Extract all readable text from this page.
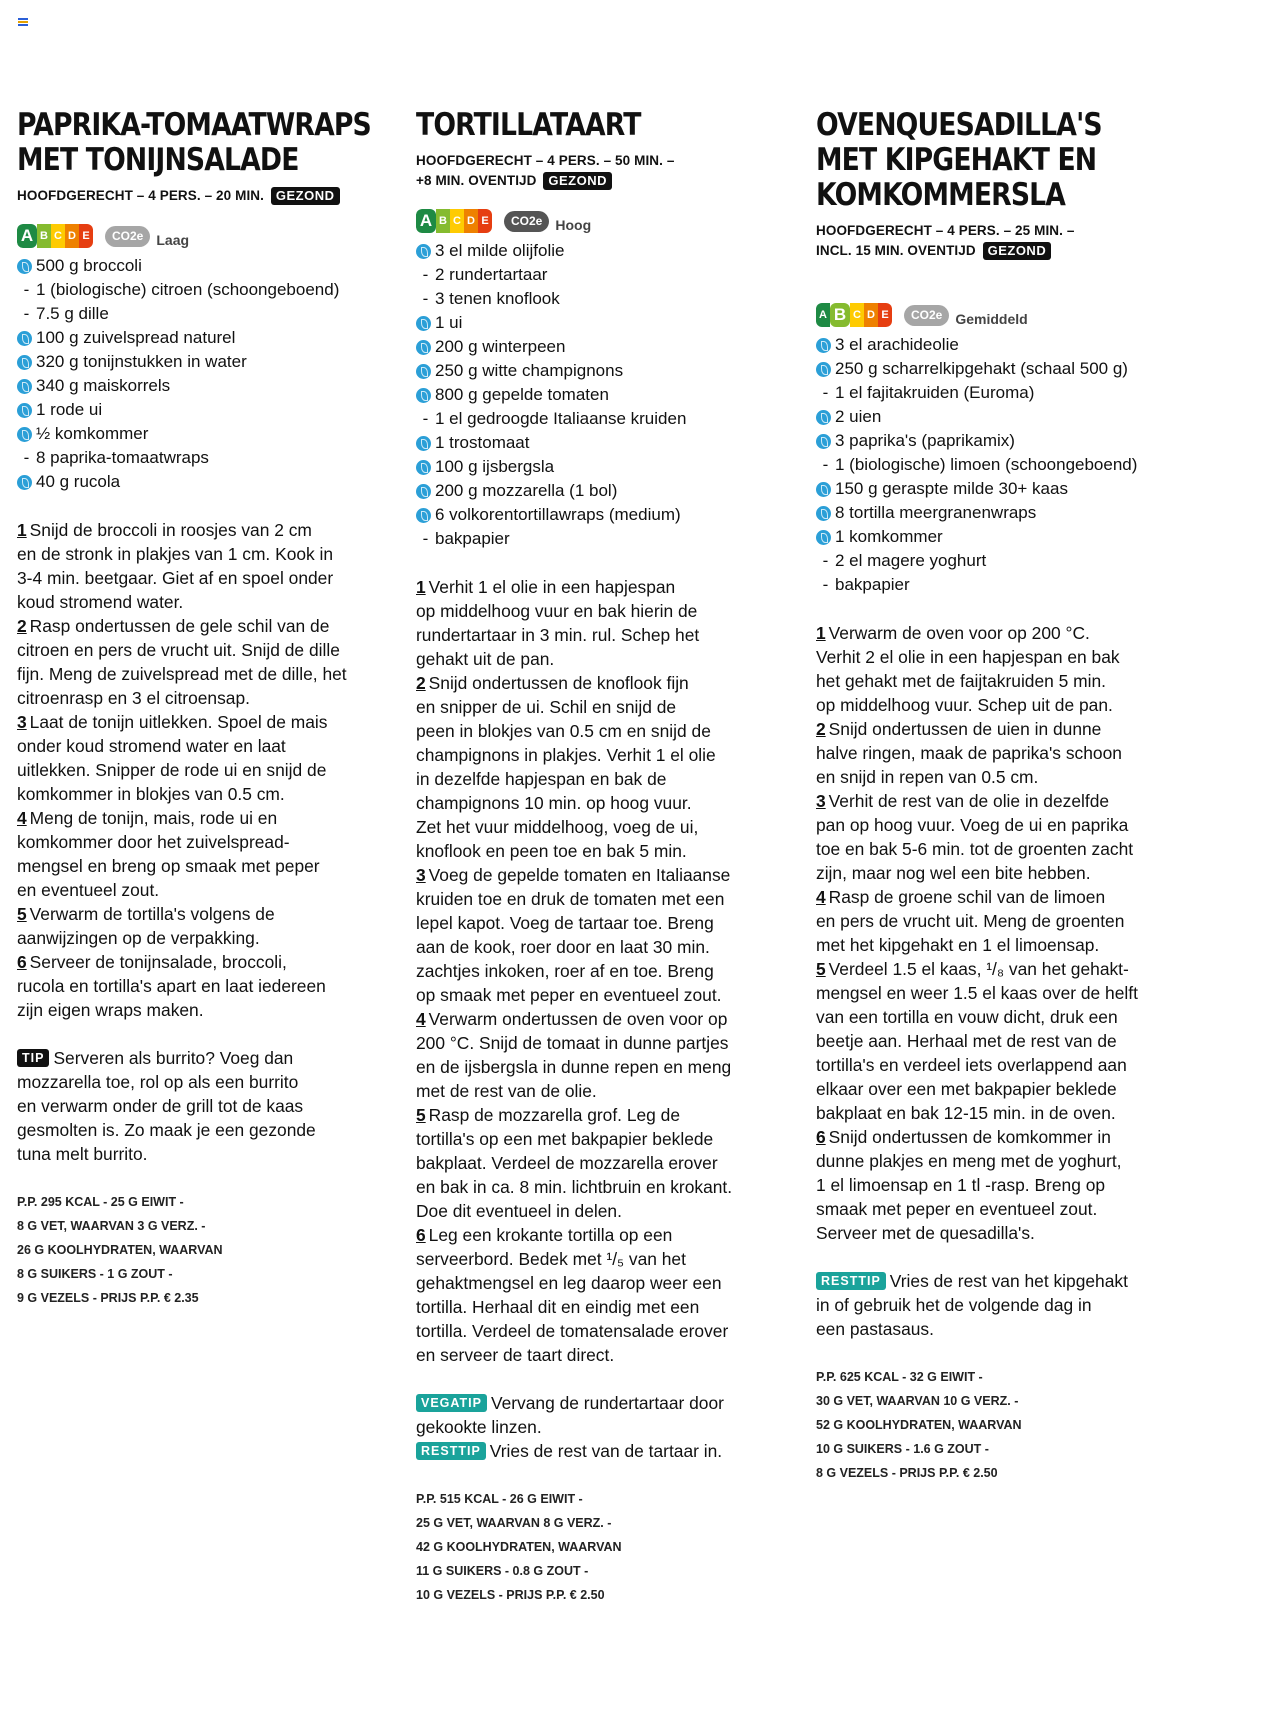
PAPRIKA-TOMAATWRAPS
MET TONIJNSALADE
HOOFDGERECHT – 4 PERS. – 20 MIN. GEZOND
A B C D E	CO2e Laag
500 g broccoli
- 1 (biologische) citroen (schoongeboend)
- 7.5 g dille
100 g zuivelspread naturel
320 g tonijnstukken in water
340 g maiskorrels
1 rode ui
½ komkommer
- 8 paprika-tomaatwraps
40 g rucola

1 Snijd de broccoli in roosjes van 2 cm

en de stronk in plakjes van 1 cm. Kook in

3-4 min. beetgaar. Giet af en spoel onder

koud stromend water.

2 Rasp ondertussen de gele schil van de

citroen en pers de vrucht uit. Snijd de dille

fijn. Meng de zuivelspread met de dille, het

citroenrasp en 3 el citroensap.

3 Laat de tonijn uitlekken. Spoel de mais

onder koud stromend water en laat

uitlekken. Snipper de rode ui en snijd de

komkommer in blokjes van 0.5 cm.

4 Meng de tonijn, mais, rode ui en

komkommer door het zuivelspread-

mengsel en breng op smaak met peper

en eventueel zout.

5 Verwarm de tortilla's volgens de

aanwijzingen op de verpakking.

6 Serveer de tonijnsalade, broccoli,

rucola en tortilla's apart en laat iedereen

zijn eigen wraps maken.

TIP Serveren als burrito? Voeg dan

mozzarella toe, rol op als een burrito

en verwarm onder de grill tot de kaas

gesmolten is. Zo maak je een gezonde

tuna melt burrito.

P.P. 295 KCAL - 25 G EIWIT -
8 G VET, WAARVAN 3 G VERZ. -
26 G KOOLHYDRATEN, WAARVAN
8 G SUIKERS - 1 G ZOUT -
9 G VEZELS - PRIJS P.P. € 2.35
TORTILLATAART
HOOFDGERECHT – 4 PERS. – 50 MIN. –
+8 MIN. OVENTIJD GEZOND
A B C D E	CO2e Hoog
3 el milde olijfolie
- 2 rundertartaar
- 3 tenen knoflook
1 ui
200 g winterpeen
250 g witte champignons
800 g gepelde tomaten
- 1 el gedroogde Italiaanse kruiden
1 trostomaat
100 g ijsbergsla
200 g mozzarella (1 bol)
6 volkorentortillawraps (medium)
- bakpapier

1 Verhit 1 el olie in een hapjespan

op middelhoog vuur en bak hierin de

rundertartaar in 3 min. rul. Schep het

gehakt uit de pan.

2 Snijd ondertussen de knoflook fijn

en snipper de ui. Schil en snijd de

peen in blokjes van 0.5 cm en snijd de

champignons in plakjes. Verhit 1 el olie

in dezelfde hapjespan en bak de

champignons 10 min. op hoog vuur.

Zet het vuur middelhoog, voeg de ui,

knoflook en peen toe en bak 5 min.

3 Voeg de gepelde tomaten en Italiaanse

kruiden toe en druk de tomaten met een

lepel kapot. Voeg de tartaar toe. Breng

aan de kook, roer door en laat 30 min.

zachtjes inkoken, roer af en toe. Breng

op smaak met peper en eventueel zout.

4 Verwarm ondertussen de oven voor op

200 °C. Snijd de tomaat in dunne partjes

en de ijsbergsla in dunne repen en meng

met de rest van de olie.

5 Rasp de mozzarella grof. Leg de

tortilla's op een met bakpapier beklede

bakplaat. Verdeel de mozzarella erover

en bak in ca. 8 min. lichtbruin en krokant.

Doe dit eventueel in delen.

6 Leg een krokante tortilla op een

serveerbord. Bedek met ¹/₅ van het

gehaktmengsel en leg daarop weer een

tortilla. Herhaal dit en eindig met een

tortilla. Verdeel de tomatensalade erover

en serveer de taart direct.

VEGATIP Vervang de rundertartaar door

gekookte linzen.

RESTTIP Vries de rest van de tartaar in.

P.P. 515 KCAL - 26 G EIWIT -
25 G VET, WAARVAN 8 G VERZ. -
42 G KOOLHYDRATEN, WAARVAN
11 G SUIKERS - 0.8 G ZOUT -
10 G VEZELS - PRIJS P.P. € 2.50
OVENQUESADILLA'S
MET KIPGEHAKT EN
KOMKOMMERSLA
HOOFDGERECHT – 4 PERS. – 25 MIN. –
INCL. 15 MIN. OVENTIJD GEZOND
A B C D E	CO2e Gemiddeld
3 el arachideolie
250 g scharrelkipgehakt (schaal 500 g)
- 1 el fajitakruiden (Euroma)
2 uien
3 paprika's (paprikamix)
- 1 (biologische) limoen (schoongeboend)
150 g geraspte milde 30+ kaas
8 tortilla meergranenwraps
1 komkommer
- 2 el magere yoghurt
- bakpapier

1 Verwarm de oven voor op 200 °C.

Verhit 2 el olie in een hapjespan en bak

het gehakt met de faijtakruiden 5 min.

op middelhoog vuur. Schep uit de pan.

2 Snijd ondertussen de uien in dunne

halve ringen, maak de paprika's schoon

en snijd in repen van 0.5 cm.

3 Verhit de rest van de olie in dezelfde

pan op hoog vuur. Voeg de ui en paprika

toe en bak 5-6 min. tot de groenten zacht

zijn, maar nog wel een bite hebben.

4 Rasp de groene schil van de limoen

en pers de vrucht uit. Meng de groenten

met het kipgehakt en 1 el limoensap.

5 Verdeel 1.5 el kaas, ¹/₈ van het gehakt-

mengsel en weer 1.5 el kaas over de helft

van een tortilla en vouw dicht, druk een

beetje aan. Herhaal met de rest van de

tortilla's en verdeel iets overlappend aan

elkaar over een met bakpapier beklede

bakplaat en bak 12-15 min. in de oven.

6 Snijd ondertussen de komkommer in

dunne plakjes en meng met de yoghurt,

1 el limoensap en 1 tl -rasp. Breng op

smaak met peper en eventueel zout.

Serveer met de quesadilla's.

RESTTIP Vries de rest van het kipgehakt

in of gebruik het de volgende dag in

een pastasaus.

P.P. 625 KCAL - 32 G EIWIT -
30 G VET, WAARVAN 10 G VERZ. -
52 G KOOLHYDRATEN, WAARVAN
10 G SUIKERS - 1.6 G ZOUT -
8 G VEZELS - PRIJS P.P. € 2.50
